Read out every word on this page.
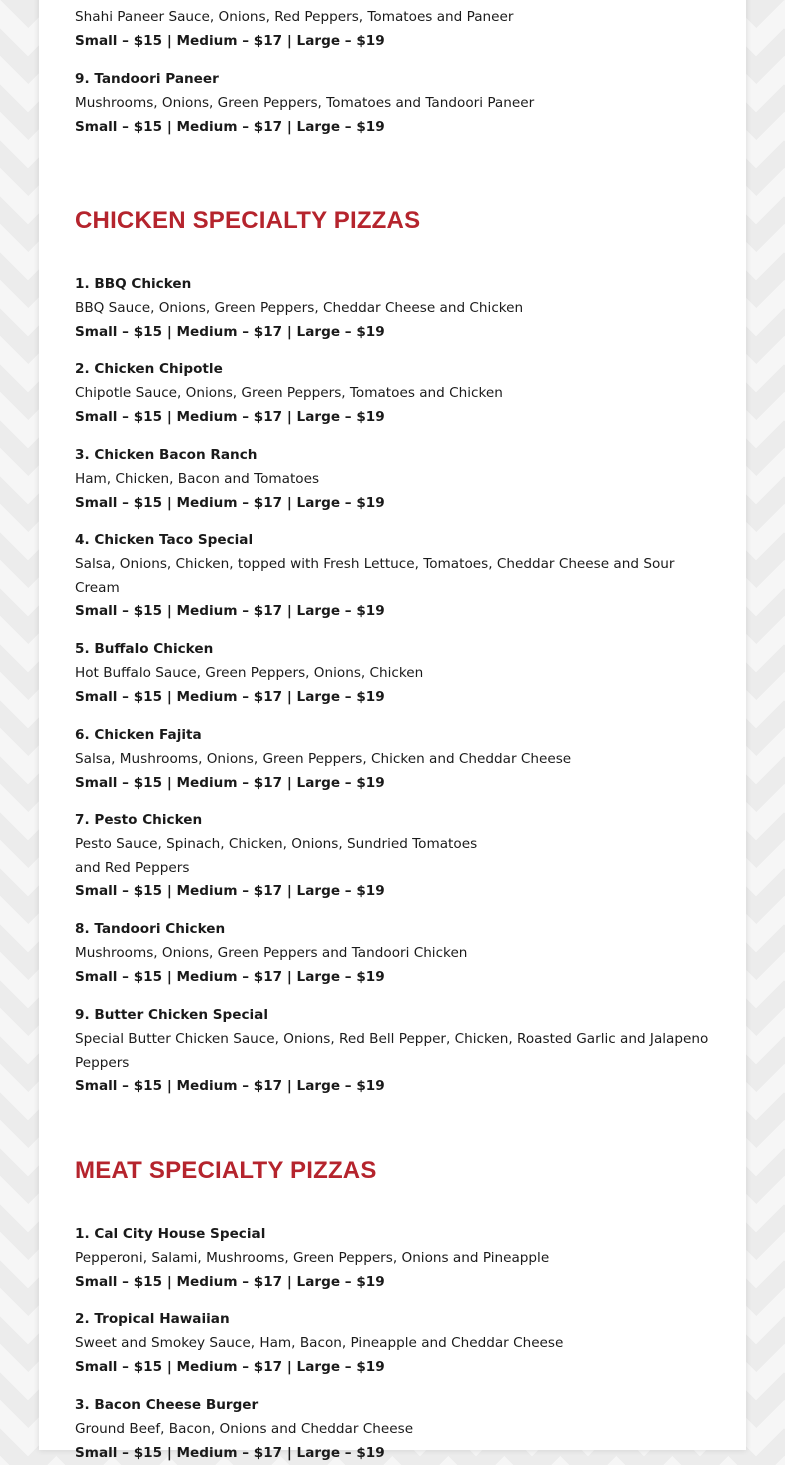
Shahi Paneer Sauce, Onions, Red Peppers, Tomatoes and Paneer
Small – $15 | Medium – $17 | Large – $19
9. Tandoori Paneer
Mushrooms, Onions, Green Peppers, Tomatoes and Tandoori Paneer
Small – $15 | Medium – $17 | Large – $19
CHICKEN SPECIALTY PIZZAS
1. BBQ Chicken
BBQ Sauce, Onions, Green Peppers, Cheddar Cheese and Chicken
Small – $15 | Medium – $17 | Large – $19
2. Chicken Chipotle
Chipotle Sauce, Onions, Green Peppers, Tomatoes and Chicken
Small – $15 | Medium – $17 | Large – $19
3. Chicken Bacon Ranch
Ham, Chicken, Bacon and Tomatoes
Small – $15 | Medium – $17 | Large – $19
4. Chicken Taco Special
Salsa, Onions, Chicken, topped with Fresh Lettuce, Tomatoes, Cheddar Cheese and Sour Cream
Small – $15 | Medium – $17 | Large – $19
5. Buffalo Chicken
Hot Buffalo Sauce, Green Peppers, Onions, Chicken
Small – $15 | Medium – $17 | Large – $19
6. Chicken Fajita
Salsa, Mushrooms, Onions, Green Peppers, Chicken and Cheddar Cheese
Small – $15 | Medium – $17 | Large – $19
7. Pesto Chicken
Pesto Sauce, Spinach, Chicken, Onions, Sundried Tomatoes
and Red Peppers
Small – $15 | Medium – $17 | Large – $19
8. Tandoori Chicken
Mushrooms, Onions, Green Peppers and Tandoori Chicken
Small – $15 | Medium – $17 | Large – $19
9. Butter Chicken Special
Special Butter Chicken Sauce, Onions, Red Bell Pepper, Chicken, Roasted Garlic and Jalapeno Peppers
Small – $15 | Medium – $17 | Large – $19
MEAT SPECIALTY PIZZAS
1. Cal City House Special
Pepperoni, Salami, Mushrooms, Green Peppers, Onions and Pineapple
Small – $15 | Medium – $17 | Large – $19
2. Tropical Hawaiian
Sweet and Smokey Sauce, Ham, Bacon, Pineapple and Cheddar Cheese
Small – $15 | Medium – $17 | Large – $19
3. Bacon Cheese Burger
Ground Beef, Bacon, Onions and Cheddar Cheese
Small – $15 | Medium – $17 | Large – $19
